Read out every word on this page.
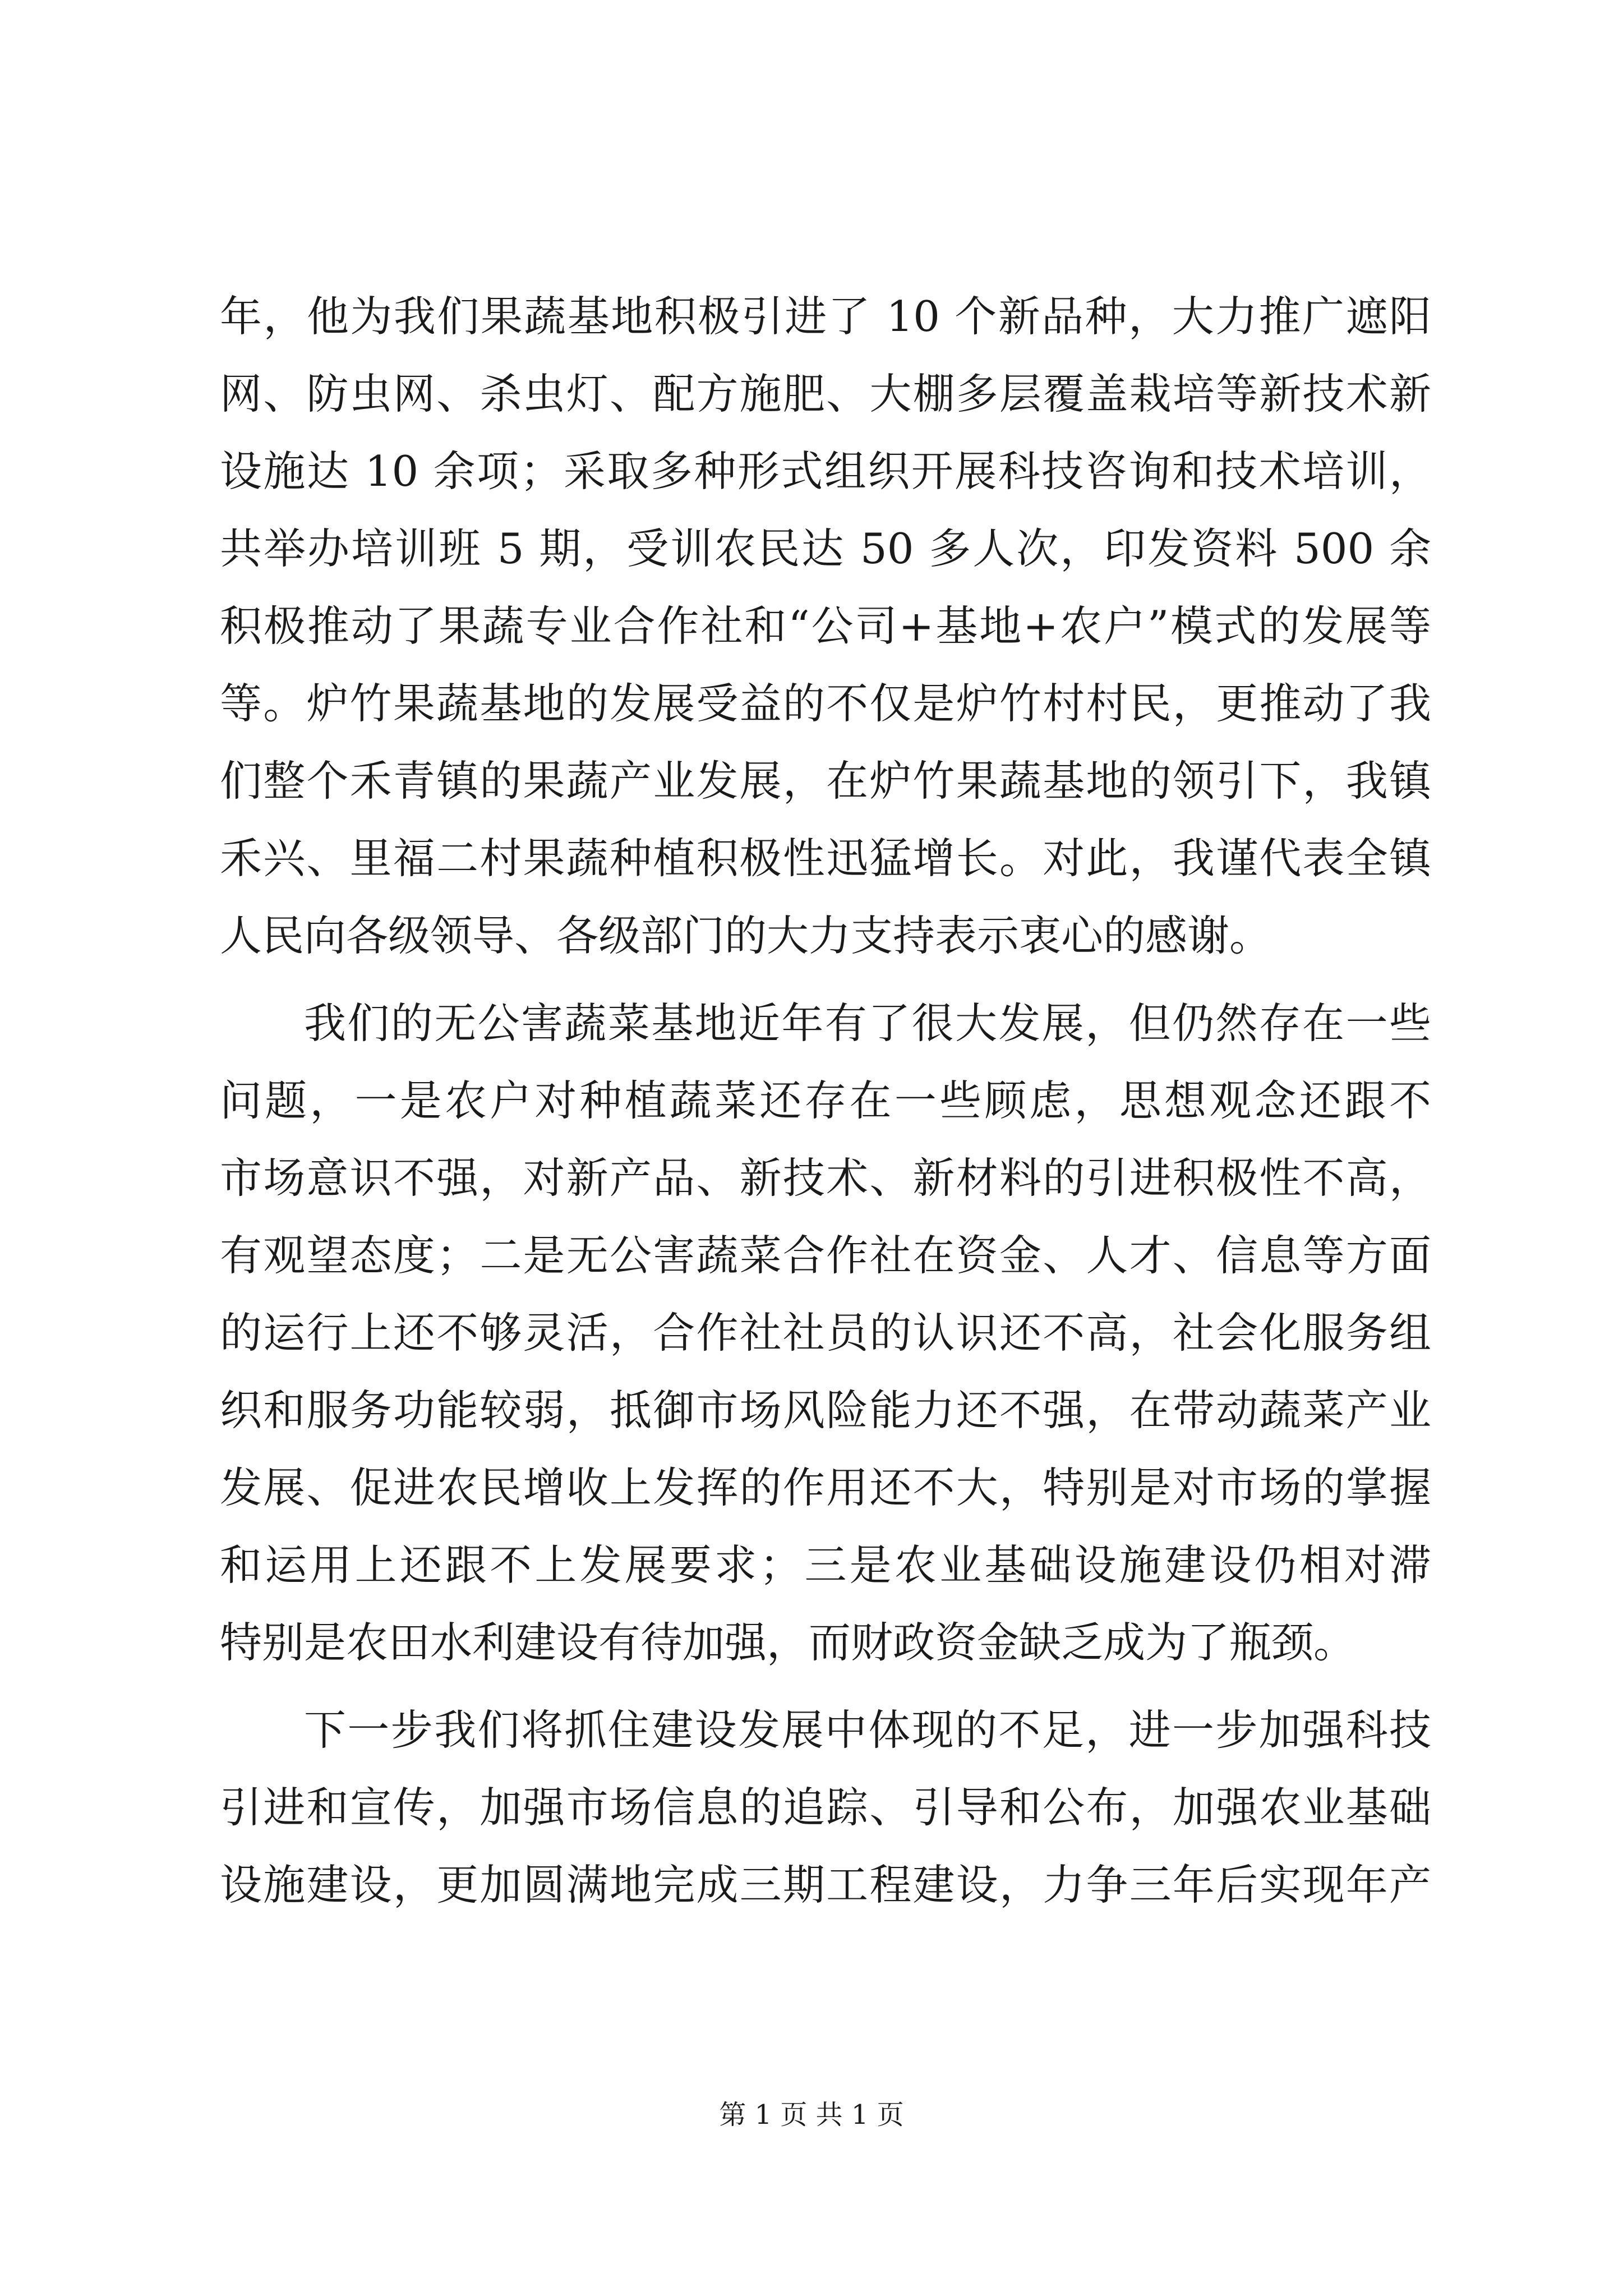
年，他为我们果蔬基地积极引进了 10 个新品种，大力推广遮阳
网、防虫网、杀虫灯、配方施肥、大棚多层覆盖栽培等新技术新
设施达 10 余项；采取多种形式组织开展科技咨询和技术培训，
共举办培训班 5 期，受训农民达 50 多人次，印发资料 500 余
积极推动了果蔬专业合作社和“公司+基地+农户”模式的发展等
等。炉竹果蔬基地的发展受益的不仅是炉竹村村民，更推动了我
们整个禾青镇的果蔬产业发展，在炉竹果蔬基地的领引下，我镇
禾兴、里福二村果蔬种植积极性迅猛增长。对此，我谨代表全镇
人民向各级领导、各级部门的大力支持表示衷心的感谢。
我们的无公害蔬菜基地近年有了很大发展，但仍然存在一些
问题，一是农户对种植蔬菜还存在一些顾虑，思想观念还跟不
市场意识不强，对新产品、新技术、新材料的引进积极性不高，
有观望态度；二是无公害蔬菜合作社在资金、人才、信息等方面
的运行上还不够灵活，合作社社员的认识还不高，社会化服务组
织和服务功能较弱，抵御市场风险能力还不强，在带动蔬菜产业
发展、促进农民增收上发挥的作用还不大，特别是对市场的掌握
和运用上还跟不上发展要求；三是农业基础设施建设仍相对滞
特别是农田水利建设有待加强，而财政资金缺乏成为了瓶颈。
下一步我们将抓住建设发展中体现的不足，进一步加强科技
引进和宣传，加强市场信息的追踪、引导和公布，加强农业基础
设施建设，更加圆满地完成三期工程建设，力争三年后实现年产
第 1 页 共 1 页
